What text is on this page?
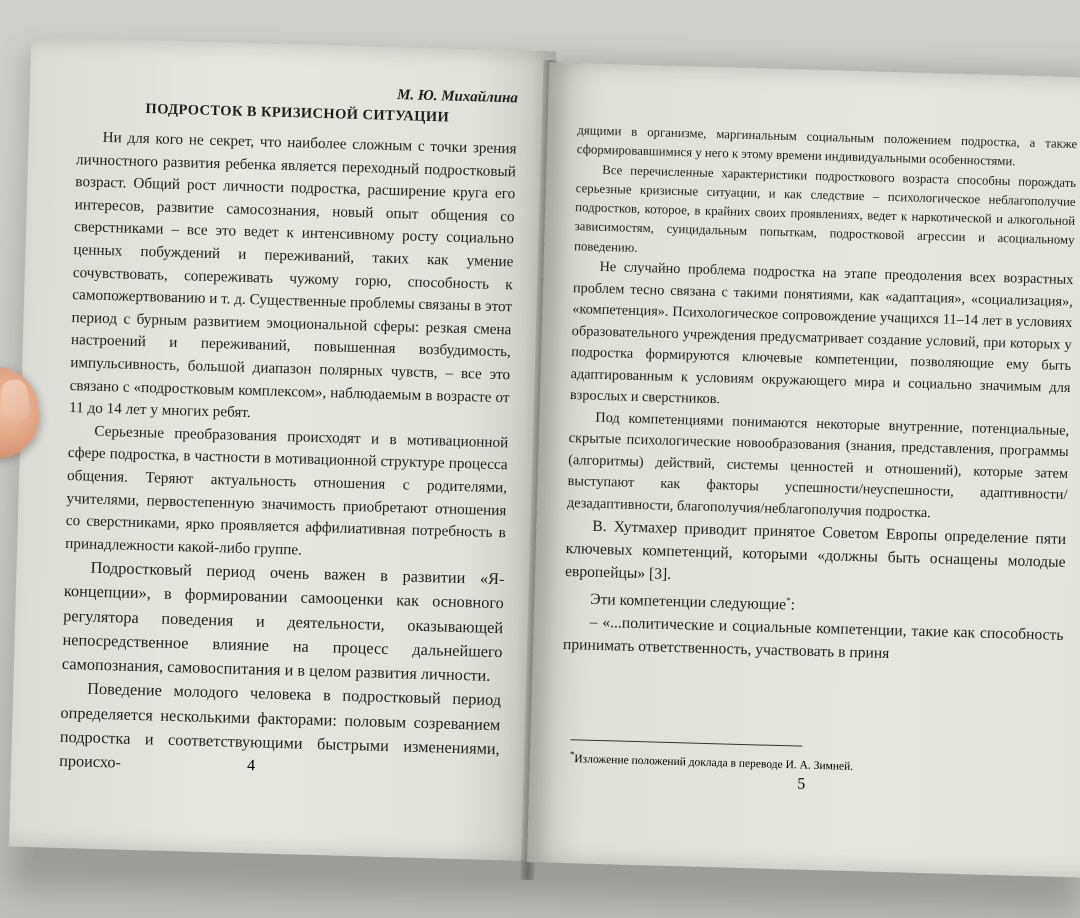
М. Ю. Михайлина

ПОДРОСТОК В КРИЗИСНОЙ СИТУАЦИИ

Ни для кого не секрет, что наиболее сложным с точки зрения личностного развития ребенка является переходный подростковый возраст. Общий рост личности подростка, расширение круга его интересов, развитие самосознания, новый опыт общения со сверстниками – все это ведет к интенсивному росту социально ценных побуждений и переживаний, таких как умение сочувствовать, сопереживать чужому горю, способность к самопожертвованию и т. д. Существенные проблемы связаны в этот период с бурным развитием эмоциональной сферы: резкая смена настроений и переживаний, повышенная возбудимость, импульсивность, большой диапазон полярных чувств, – все это связано с «подростковым комплексом», наблюдаемым в возрасте от 11 до 14 лет у многих ребят.

Серьезные преобразования происходят и в мотивационной сфере подростка, в частности в мотивационной структуре процесса общения. Теряют актуальность отношения с родителями, учителями, первостепенную значимость приобретают отношения со сверстниками, ярко проявляется аффилиативная потребность в принадлежности какой-либо группе.

Подростковый период очень важен в развитии «Я-концепции», в формировании самооценки как основного регулятора поведения и деятельности, оказывающей непосредственное влияние на процесс дальнейшего самопознания, самовоспитания и в целом развития личности.

Поведение молодого человека в подростковый период определяется несколькими факторами: половым созреванием подростка и соответствующими быстрыми изменениями, происхо-	4

дящими в организме, маргинальным социальным положением подростка, а также сформировавшимися у него к этому времени индивидуальными особенностями.

Все перечисленные характеристики подросткового возраста способны порождать серьезные кризисные ситуации, и как следствие – психологическое неблагополучие подростков, которое, в крайних своих проявлениях, ведет к наркотической и алкогольной зависимостям, суицидальным попыткам, подростковой агрессии и асоциальному поведению.

Не случайно проблема подростка на этапе преодоления всех возрастных проблем тесно связана с такими понятиями, как «адаптация», «социализация», «компетенция». Психологическое сопровождение учащихся 11–14 лет в условиях образовательного учреждения предусматривает создание условий, при которых у подростка формируются ключевые компетенции, позволяющие ему быть адаптированным к условиям окружающего мира и социально значимым для взрослых и сверстников.

Под компетенциями понимаются некоторые внутренние, потенциальные, скрытые психологические новообразования (знания, представления, программы (алгоритмы) действий, системы ценностей и отношений), которые затем выступают как факторы успешности/неуспешности, адаптивности/дезадаптивности, благополучия/неблагополучия подростка.

В. Хутмахер приводит принятое Советом Европы определение пяти ключевых компетенций, которыми «должны быть оснащены молодые европейцы» [3].

Эти компетенции следующие*:

– «...политические и социальные компетенции, такие как способность принимать ответственность, участвовать в приня

*Изложение положений доклада в переводе И. А. Зимней.
5
